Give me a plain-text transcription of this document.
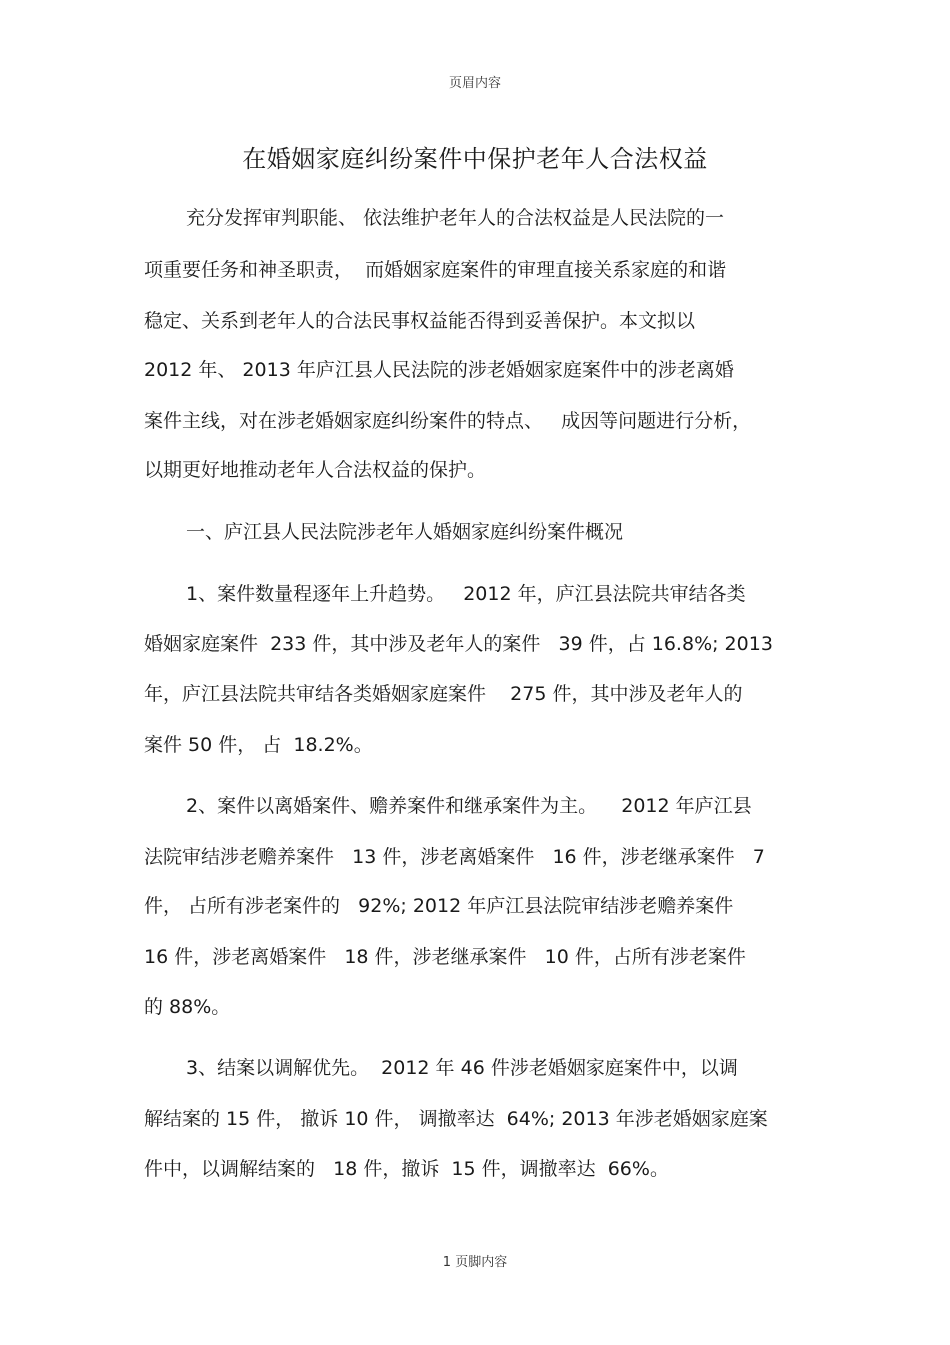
页眉内容
在婚姻家庭纠纷案件中保护老年人合法权益
充分发挥审判职能、 依法维护老年人的合法权益是人民法院的一
项重要任务和神圣职责，  而婚姻家庭案件的审理直接关系家庭的和谐
稳定、关系到老年人的合法民事权益能否得到妥善保护。本文拟以
2012 年、 2013 年庐江县人民法院的涉老婚姻家庭案件中的涉老离婚
案件主线，对在涉老婚姻家庭纠纷案件的特点、   成因等问题进行分析，
以期更好地推动老年人合法权益的保护。
一、庐江县人民法院涉老年人婚姻家庭纠纷案件概况
1、案件数量程逐年上升趋势。   2012 年，庐江县法院共审结各类
婚姻家庭案件  233 件，其中涉及老年人的案件   39 件，占 16.8%; 2013
年，庐江县法院共审结各类婚姻家庭案件    275 件，其中涉及老年人的
案件 50 件， 占  18.2%。
2、案件以离婚案件、赡养案件和继承案件为主。    2012 年庐江县
法院审结涉老赡养案件   13 件，涉老离婚案件   16 件，涉老继承案件   7
件， 占所有涉老案件的   92%; 2012 年庐江县法院审结涉老赡养案件
16 件，涉老离婚案件   18 件，涉老继承案件   10 件，占所有涉老案件
的 88%。
3、结案以调解优先。  2012 年 46 件涉老婚姻家庭案件中，以调
解结案的 15 件， 撤诉 10 件， 调撤率达  64%; 2013 年涉老婚姻家庭案
件中，以调解结案的   18 件，撤诉  15 件，调撤率达  66%。
1 页脚内容
